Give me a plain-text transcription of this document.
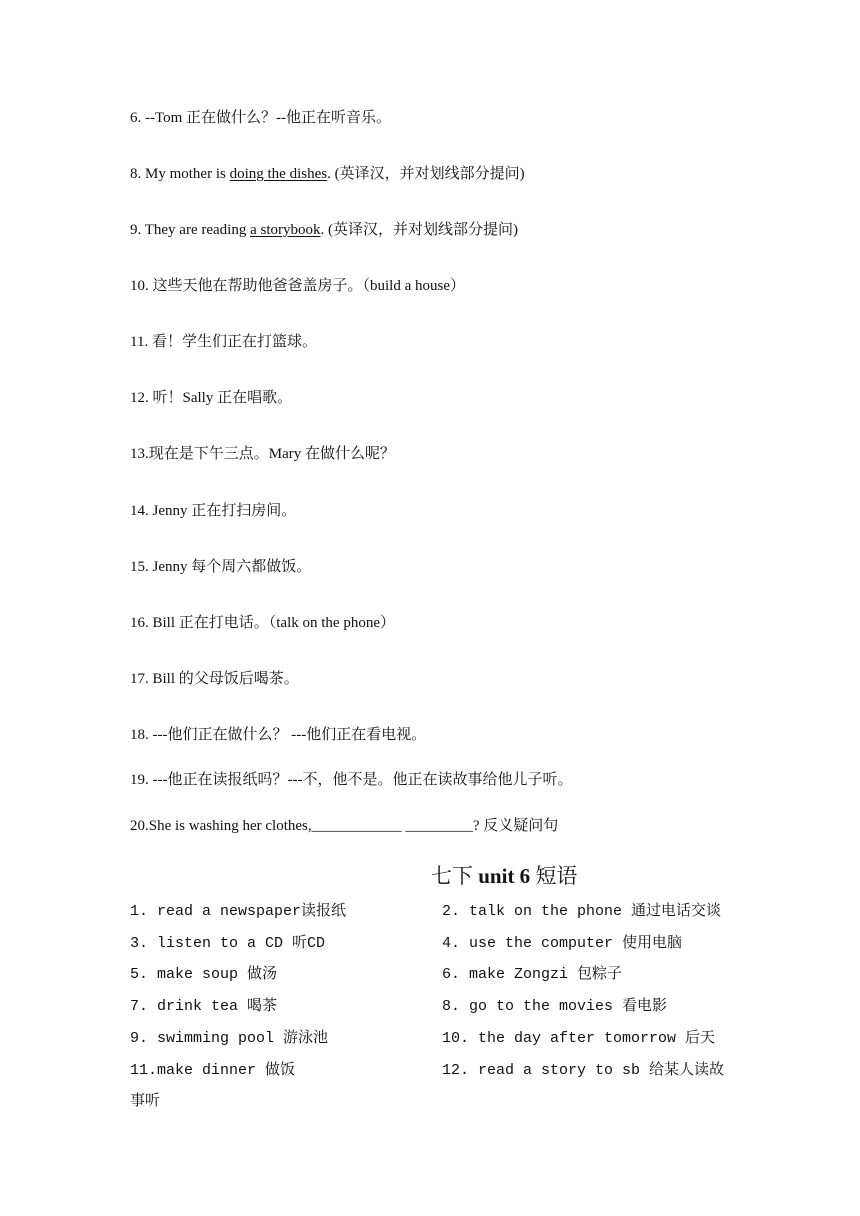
6. --Tom 正在做什么？--他正在听音乐。
8. My mother is doing the dishes. (英译汉，并对划线部分提问)
9. They are reading a storybook. (英译汉，并对划线部分提问)
10. 这些天他在帮助他爸爸盖房子。（build a house）
11. 看！学生们正在打篮球。
12. 听！Sally 正在唱歌。
13.现在是下午三点。Mary 在做什么呢？
14. Jenny 正在打扫房间。
15. Jenny 每个周六都做饭。
16. Bill 正在打电话。（talk on the phone）
17. Bill 的父母饭后喝茶。
18. ---他们正在做什么？ ---他们正在看电视。
19. ---他正在读报纸吗？---不，他不是。他正在读故事给他儿子听。
20.She is washing her clothes,____________ _________? 反义疑问句
七下 unit 6 短语
1. read a newspaper读报纸	2. talk on the phone 通过电话交谈
3. listen to a CD 听CD	4. use the computer 使用电脑
5. make soup 做汤	6. make Zongzi 包粽子
7. drink tea 喝茶	8. go to the movies 看电影
9. swimming pool 游泳池	10. the day after tomorrow 后天
11.make dinner 做饭	12. read a story to sb 给某人读故
事听
